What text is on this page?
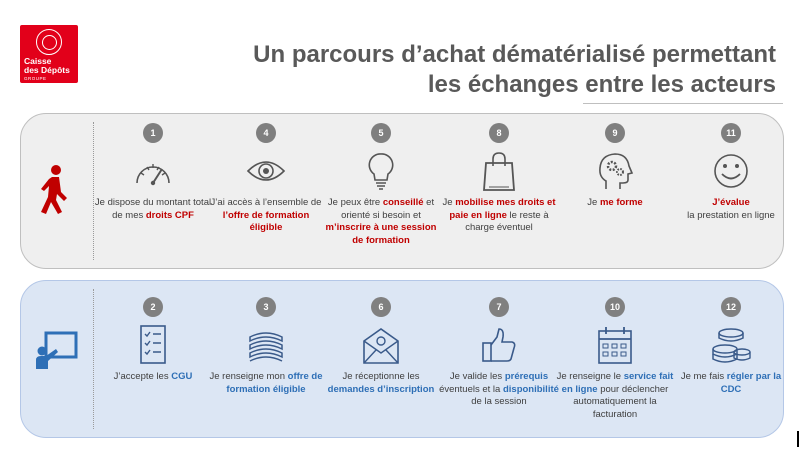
Caisse
des Dépôts
GROUPE
Un parcours d’achat dématérialisé permettant
les échanges entre les acteurs
1
Je dispose du montant total de mes droits CPF
4
J’ai accès à l’ensemble de l’offre de formation éligible
5
Je peux être conseillé et orienté si besoin et m’inscrire à une session de formation
8
Je mobilise mes droits et paie en ligne le reste à charge éventuel
9
Je me forme
11
J’évalue
la prestation en ligne
2
J’accepte les CGU
3
Je renseigne mon offre de formation éligible
6
Je réceptionne les demandes d’inscription
7
Je valide les prérequis éventuels et la disponibilité de la session
10
Je renseigne le service fait en ligne pour déclencher automatiquement la facturation
12
Je me fais régler par la CDC
